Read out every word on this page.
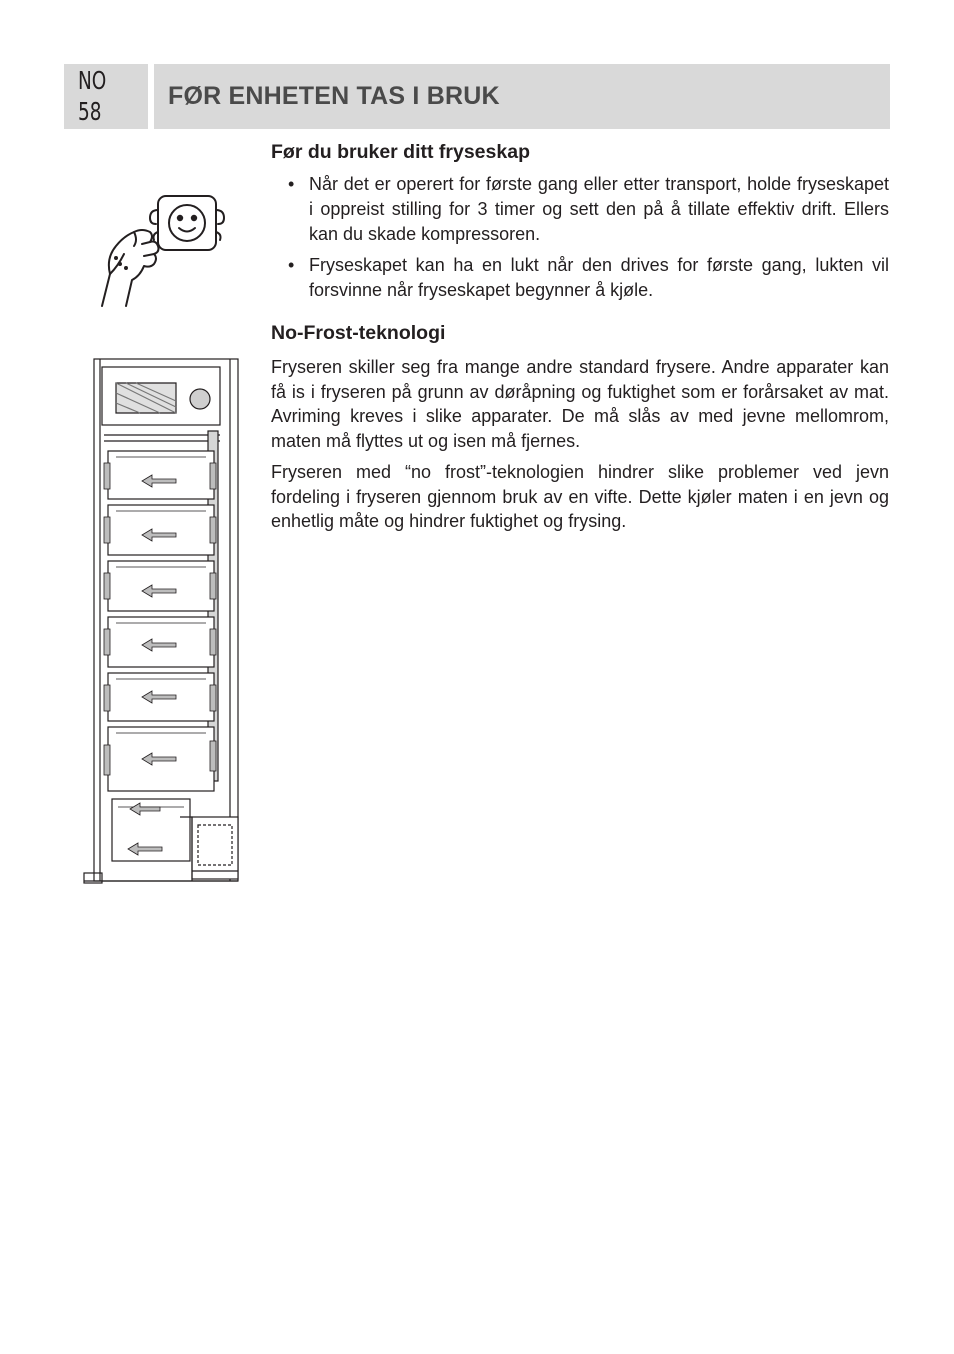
NO
58
FØR ENHETEN TAS I BRUK
Før du bruker ditt fryseskap
• Når det er operert for første gang eller etter transport, holde fryseskapet i oppreist stilling for 3 timer og sett den på å tillate effektiv drift. Ellers kan du skade kompressoren.
• Fryseskapet kan ha en lukt når den drives for første gang, lukten vil forsvinne når fryseskapet begynner å kjøle.
No-Frost-teknologi

Fryseren skiller seg fra mange andre standard frysere. Andre apparater kan få is i fryseren på grunn av døråpning og fuktighet som er forårsaket av mat. Avriming kreves i slike apparater. De må slås av med jevne mellomrom, maten må flyttes ut og isen må fjernes.

Fryseren med “no frost”-teknologien hindrer slike problemer ved jevn fordeling i fryseren gjennom bruk av en vifte. Dette kjøler maten i en jevn og enhetlig måte og hindrer fuktighet og frysing.
